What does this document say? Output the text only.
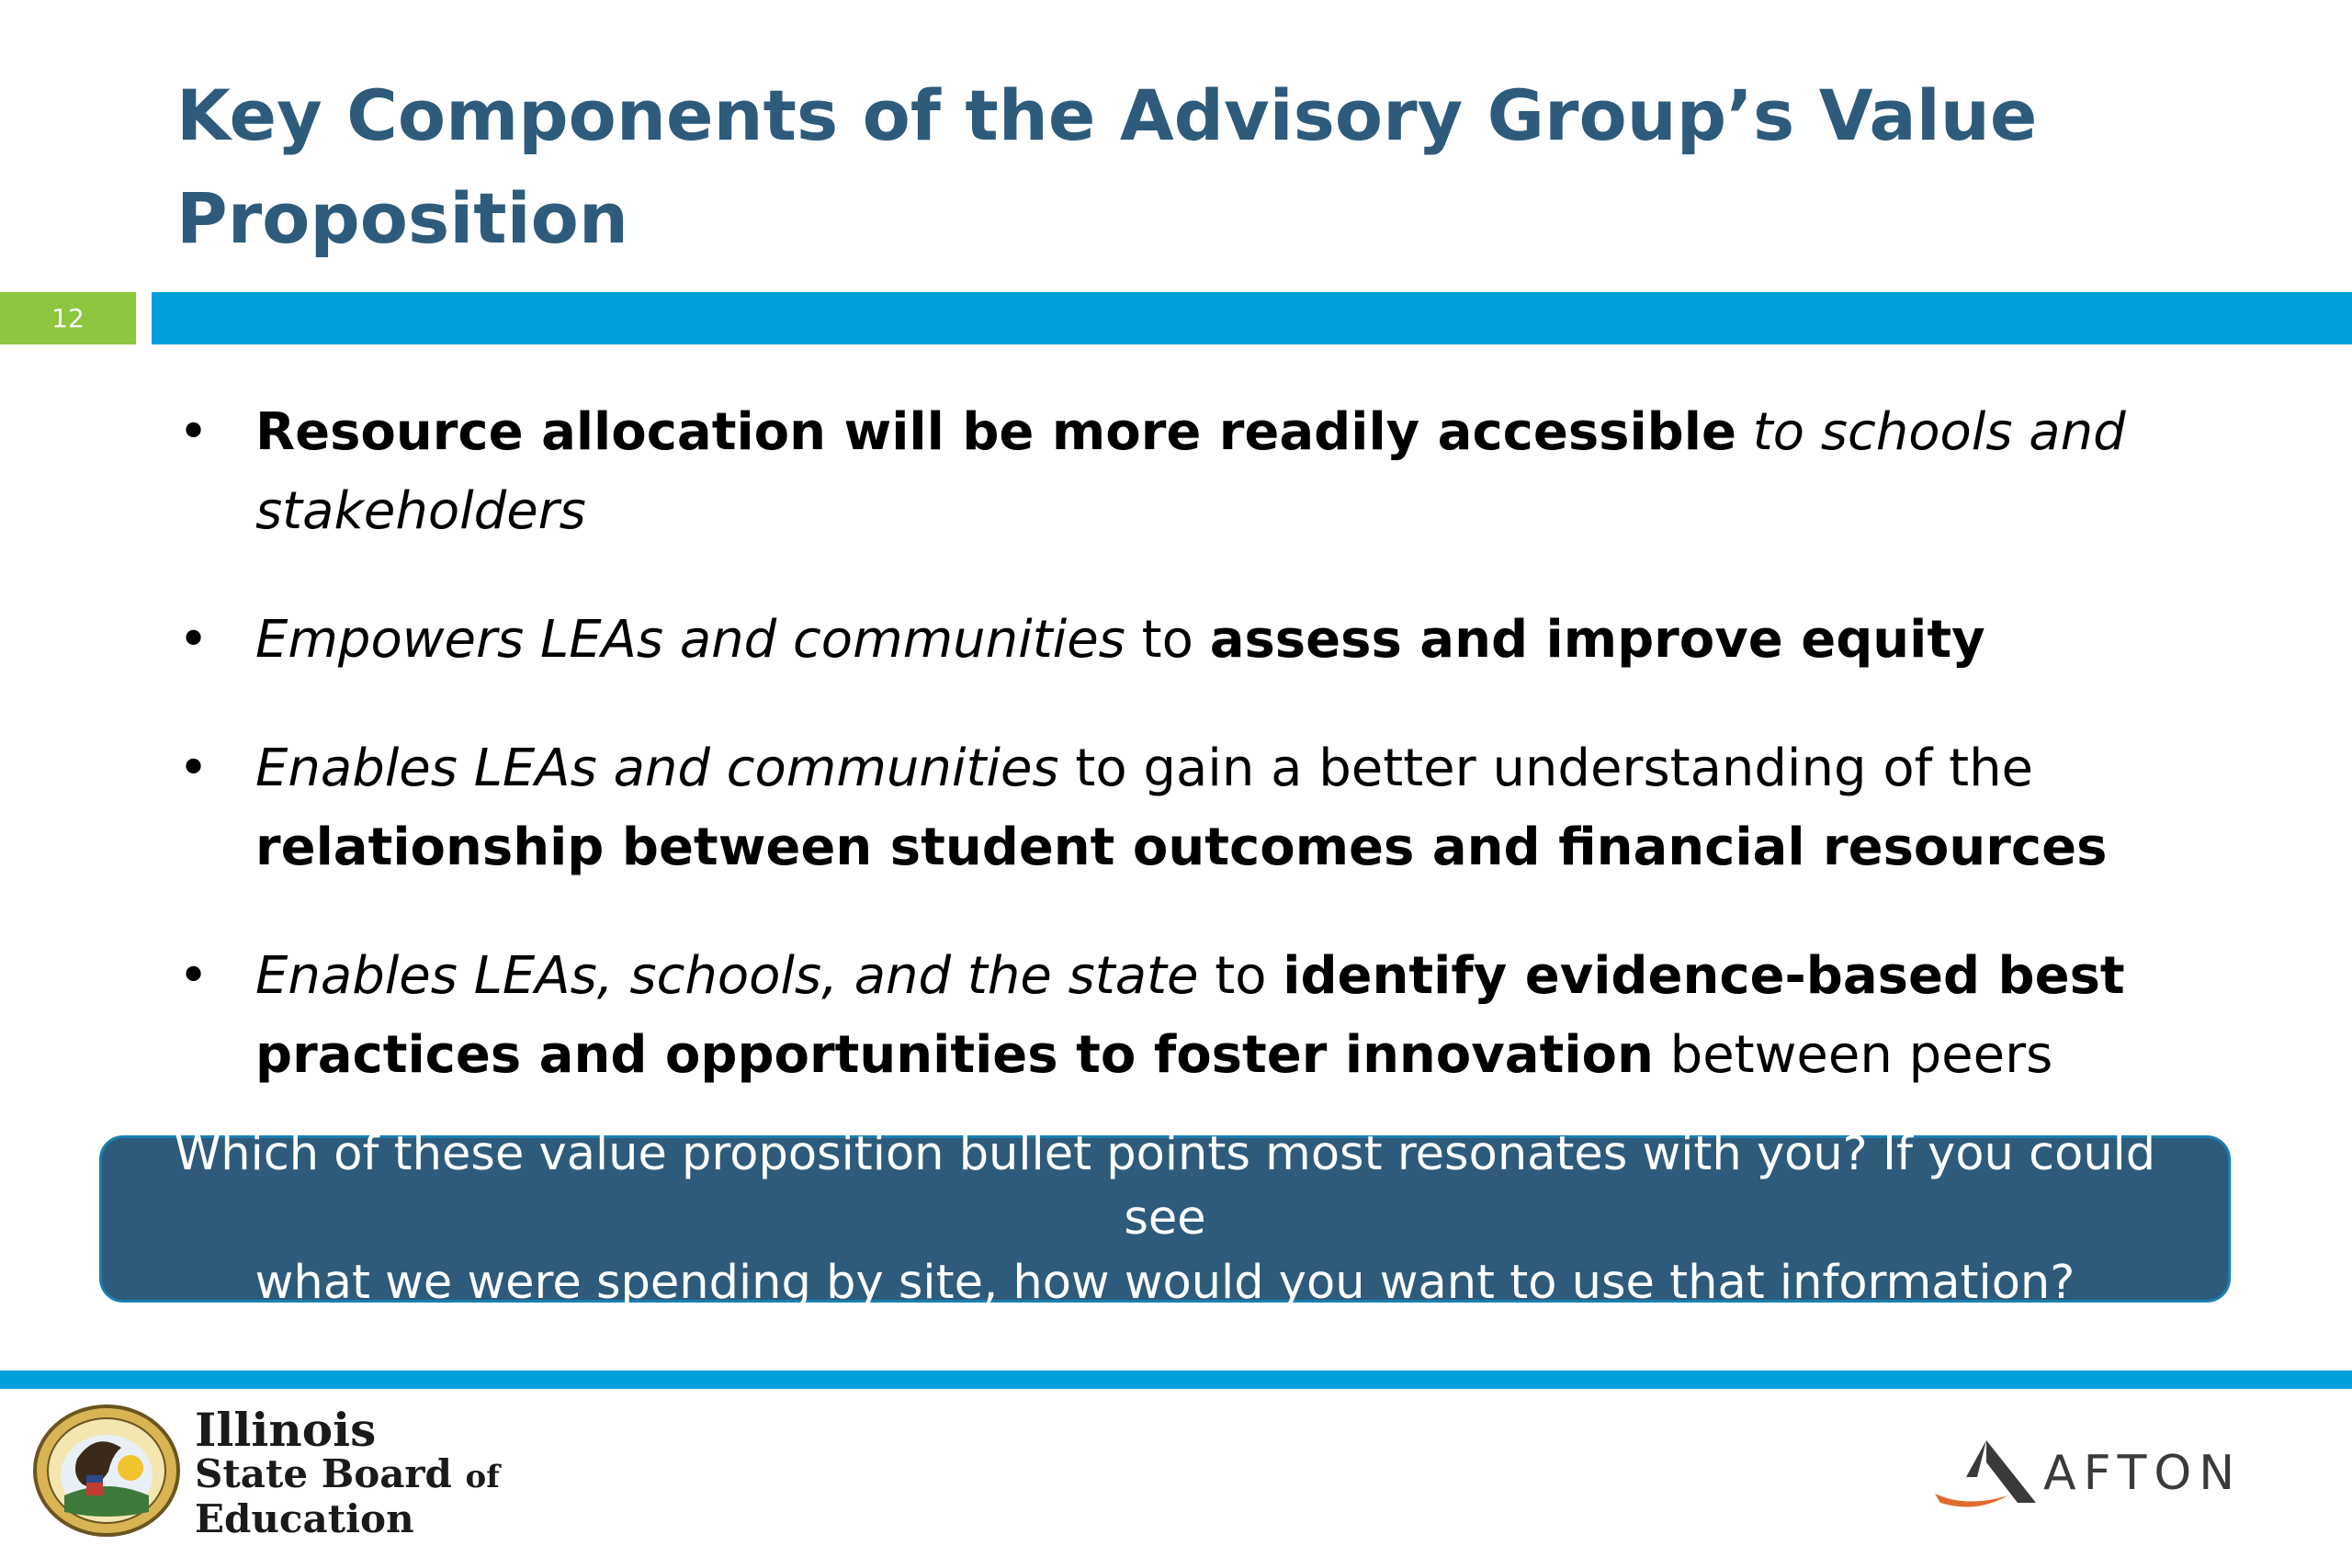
Key Components of the Advisory Group’s Value Proposition
12
• Resource allocation will be more readily accessible to schools and stakeholders
• Empowers LEAs and communities to assess and improve equity
• Enables LEAs and communities to gain a better understanding of the relationship between student outcomes and financial resources
• Enables LEAs, schools, and the state to identify evidence-based best practices and opportunities to foster innovation between peers
Which of these value proposition bullet points most resonates with you? If you could see
what we were spending by site, how would you want to use that information?
Illinois
State Board of
Education
AFTON
